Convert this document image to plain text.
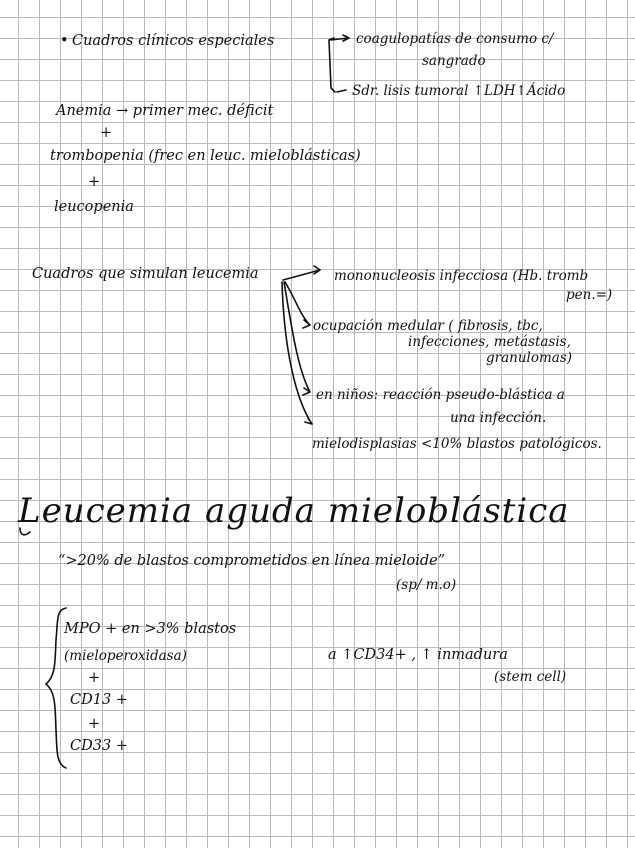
• Cuadros clínicos especiales	coagulopatías de consumo c/
sangrado
Sdr. lisis tumoral ↑LDH↑Ácido
Anemia → primer mec. déficit
+
trombopenia (frec en leuc. mieloblásticas)
+
leucopenia
Cuadros que simulan leucemia	mononucleosis infecciosa (Hb. tromb
pen.=)
ocupación medular ( fibrosis, tbc,
infecciones, metástasis,
granulomas)
en niños: reacción pseudo-blástica a
una infección.
mielodisplasias <10% blastos patológicos.
Leucemia aguda mieloblástica
“>20% de blastos comprometidos en línea mieloide”
(sp/ m.o)
MPO + en >3% blastos
(mieloperoxidasa)
+
CD13 +
+
CD33 +
a ↑CD34+ , ↑ inmadura
(stem cell)
